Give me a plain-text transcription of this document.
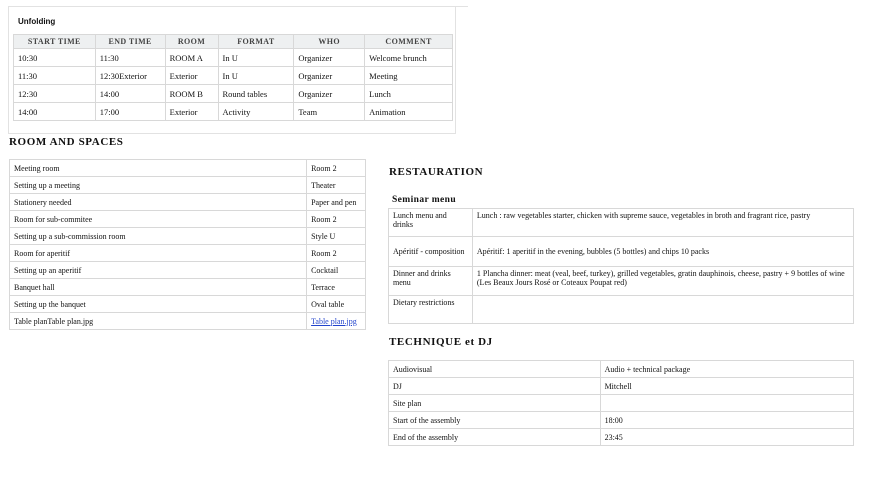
Unfolding
START TIME	END TIME	ROOM	FORMAT	WHO	COMMENT
10:30	11:30	ROOM A	In U	Organizer	Welcome brunch
11:30	12:30Exterior	Exterior	In U	Organizer	Meeting
12:30	14:00	ROOM B	Round tables	Organizer	Lunch
14:00	17:00	Exterior	Activity	Team	Animation
ROOM AND SPACES
Meeting room	Room 2
Setting up a meeting	Theater
Stationery needed	Paper and pen
Room for sub-commitee	Room 2
Setting up a sub-commission room	Style U
Room for aperitif	Room 2
Setting up an aperitif	Cocktail
Banquet hall	Terrace
Setting up the banquet	Oval table
Table planTable plan.jpg	Table plan.jpg
RESTAURATION
Seminar menu
Lunch menu and drinks	Lunch : raw vegetables starter, chicken with supreme sauce, vegetables in broth and fragrant rice, pastry
Apéritif - composition	Apéritif: 1 aperitif in the evening, bubbles (5 bottles) and chips 10 packs
Dinner and drinks menu	1 Plancha dinner: meat (veal, beef, turkey), grilled vegetables, gratin dauphinois, cheese, pastry + 9 bottles of wine (Les Beaux Jours Rosé or Coteaux Poupat red)
Dietary restrictions	
TECHNIQUE et DJ
Audiovisual	Audio + technical package
DJ	Mitchell
Site plan	
Start of the assembly	18:00
End of the assembly	23:45
